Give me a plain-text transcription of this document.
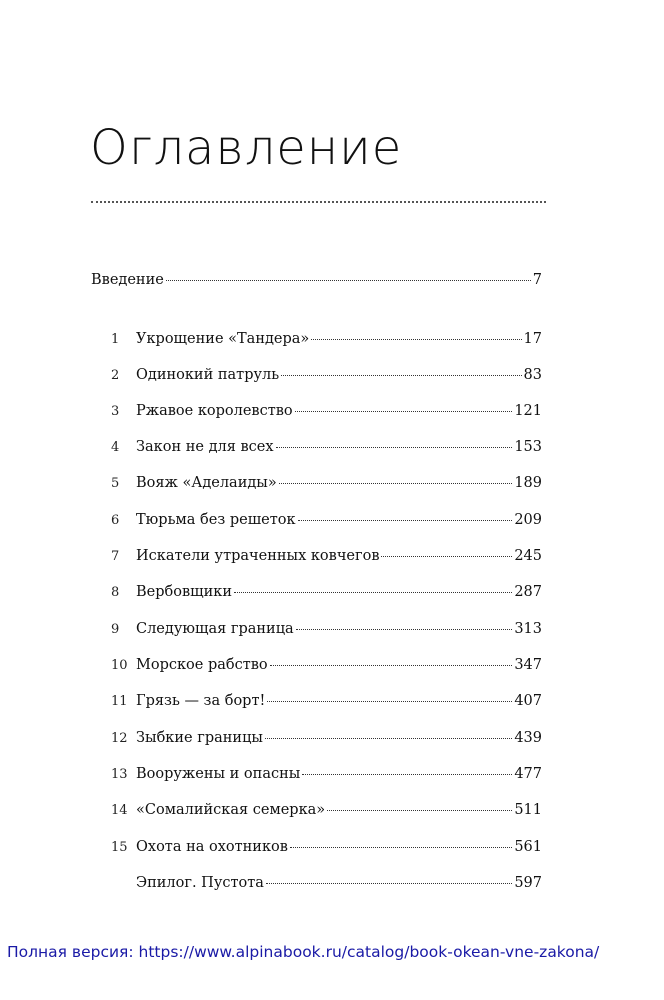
Оглавление
Введение	7
1	Укрощение «Тандера»	17
2	Одинокий патруль	83
3	Ржавое королевство	121
4	Закон не для всех	153
5	Вояж «Аделаиды»	189
6	Тюрьма без решеток	209
7	Искатели утраченных ковчегов	245
8	Вербовщики	287
9	Следующая граница	313
10 Морское рабство	347
11 Грязь — за борт!	407
12 Зыбкие границы	439
13 Вооружены и опасны	477
14 «Сомалийская семерка»	511
15 Охота на охотников	561
Эпилог. Пустота	597
Полная версия: https://www.alpinabook.ru/catalog/book-okean-vne-zakona/
